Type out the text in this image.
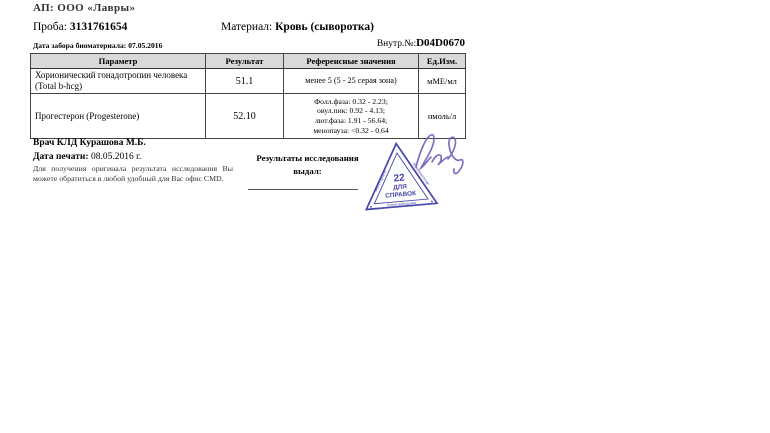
АП: ООО «Лавры»
Проба: 3131761654	Материал: Кровь (сыворотка)
Дата забора биоматериала: 07.05.2016	Внутр.№:D04D0670
Параметр	Результат	Референсные значения	Ед.Изм.

Хорионический гонадотропин человека
(Total b-hcg)	51.1	менее 5 (5 - 25 серая зона)	мМЕ/мл

Прогестерон (Progesterone)	52.10	Фолл.фаза: 0.32 - 2.23;
овул.пик: 0.92 - 4.13;
лют.фаза: 1.91 - 56.64;
менопауза: <0.32 - 0.64	нмоль/л
Врач КЛД Курашова М.Б.
Дата печати: 08.05.2016 г.
Для получения оригинала результата исследования Вы можете обратиться в любой удобный для Вас офис CMD.
Результаты исследования
выдал:
22
ДЛЯ
СПРАВОК
Роспотребнадзора
ФБУН ЦНИИ	Эпидемиологии
